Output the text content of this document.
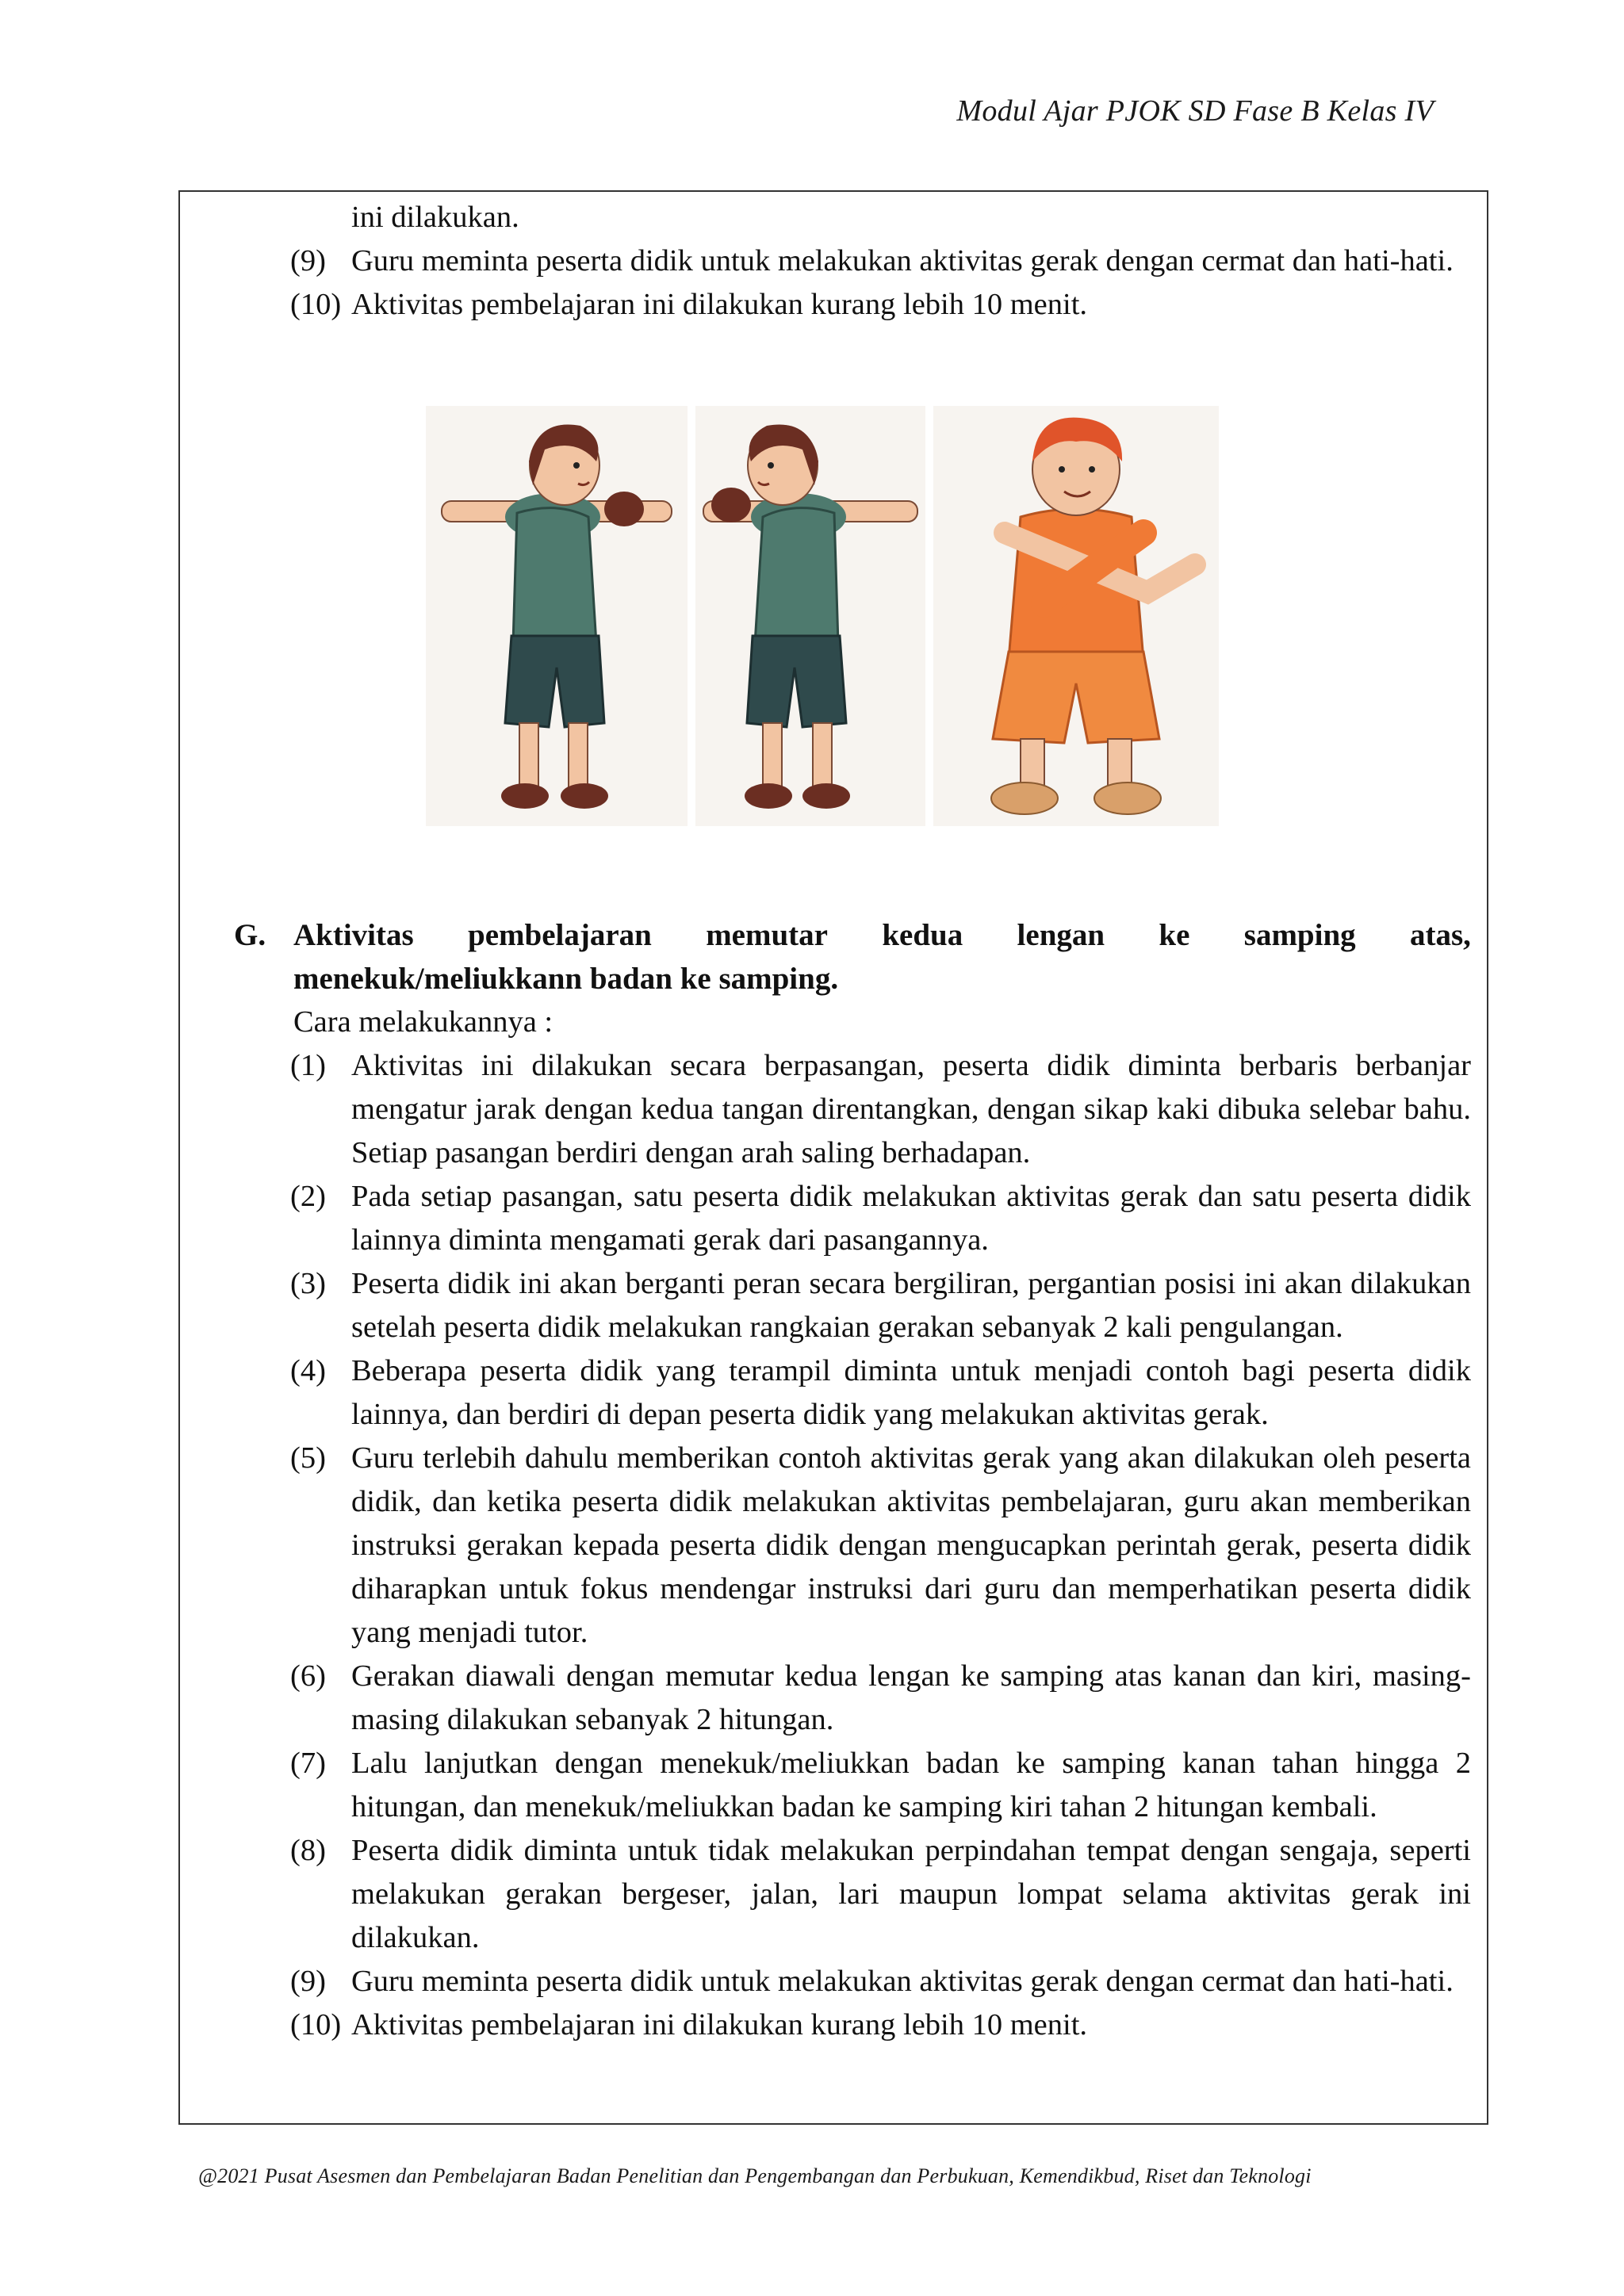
Modul Ajar PJOK SD Fase B Kelas IV
ini dilakukan.
(9) Guru meminta peserta didik untuk melakukan aktivitas gerak dengan cermat dan hati-hati.
(10) Aktivitas pembelajaran ini dilakukan kurang lebih 10 menit.
G. Aktivitas pembelajaran memutar kedua lengan ke samping atas,
menekuk/meliukkann badan ke samping.
Cara melakukannya :
(1) Aktivitas ini dilakukan secara berpasangan, peserta didik diminta berbaris berbanjar mengatur jarak dengan kedua tangan direntangkan, dengan sikap kaki dibuka selebar bahu. Setiap pasangan berdiri dengan arah saling berhadapan.
(2) Pada setiap pasangan, satu peserta didik melakukan aktivitas gerak dan satu peserta didik lainnya diminta mengamati gerak dari pasangannya.
(3) Peserta didik ini akan berganti peran secara bergiliran, pergantian posisi ini akan dilakukan setelah peserta didik melakukan rangkaian gerakan sebanyak 2 kali pengulangan.
(4) Beberapa peserta didik yang terampil diminta untuk menjadi contoh bagi peserta didik lainnya, dan berdiri di depan peserta didik yang melakukan aktivitas gerak.
(5) Guru terlebih dahulu memberikan contoh aktivitas gerak yang akan dilakukan oleh peserta didik, dan ketika peserta didik melakukan aktivitas pembelajaran, guru akan memberikan instruksi gerakan kepada peserta didik dengan mengucapkan perintah gerak, peserta didik diharapkan untuk fokus mendengar instruksi dari guru dan memperhatikan peserta didik yang menjadi tutor.
(6) Gerakan diawali dengan memutar kedua lengan ke samping atas kanan dan kiri, masing-masing dilakukan sebanyak 2 hitungan.
(7) Lalu lanjutkan dengan menekuk/meliukkan badan ke samping kanan tahan hingga 2 hitungan, dan menekuk/meliukkan badan ke samping kiri tahan 2 hitungan kembali.
(8) Peserta didik diminta untuk tidak melakukan perpindahan tempat dengan sengaja, seperti melakukan gerakan bergeser, jalan, lari maupun lompat selama aktivitas gerak ini dilakukan.
(9) Guru meminta peserta didik untuk melakukan aktivitas gerak dengan cermat dan hati-hati.
(10) Aktivitas pembelajaran ini dilakukan kurang lebih 10 menit.
@2021 Pusat Asesmen dan Pembelajaran Badan Penelitian dan Pengembangan dan Perbukuan, Kemendikbud, Riset dan Teknologi
